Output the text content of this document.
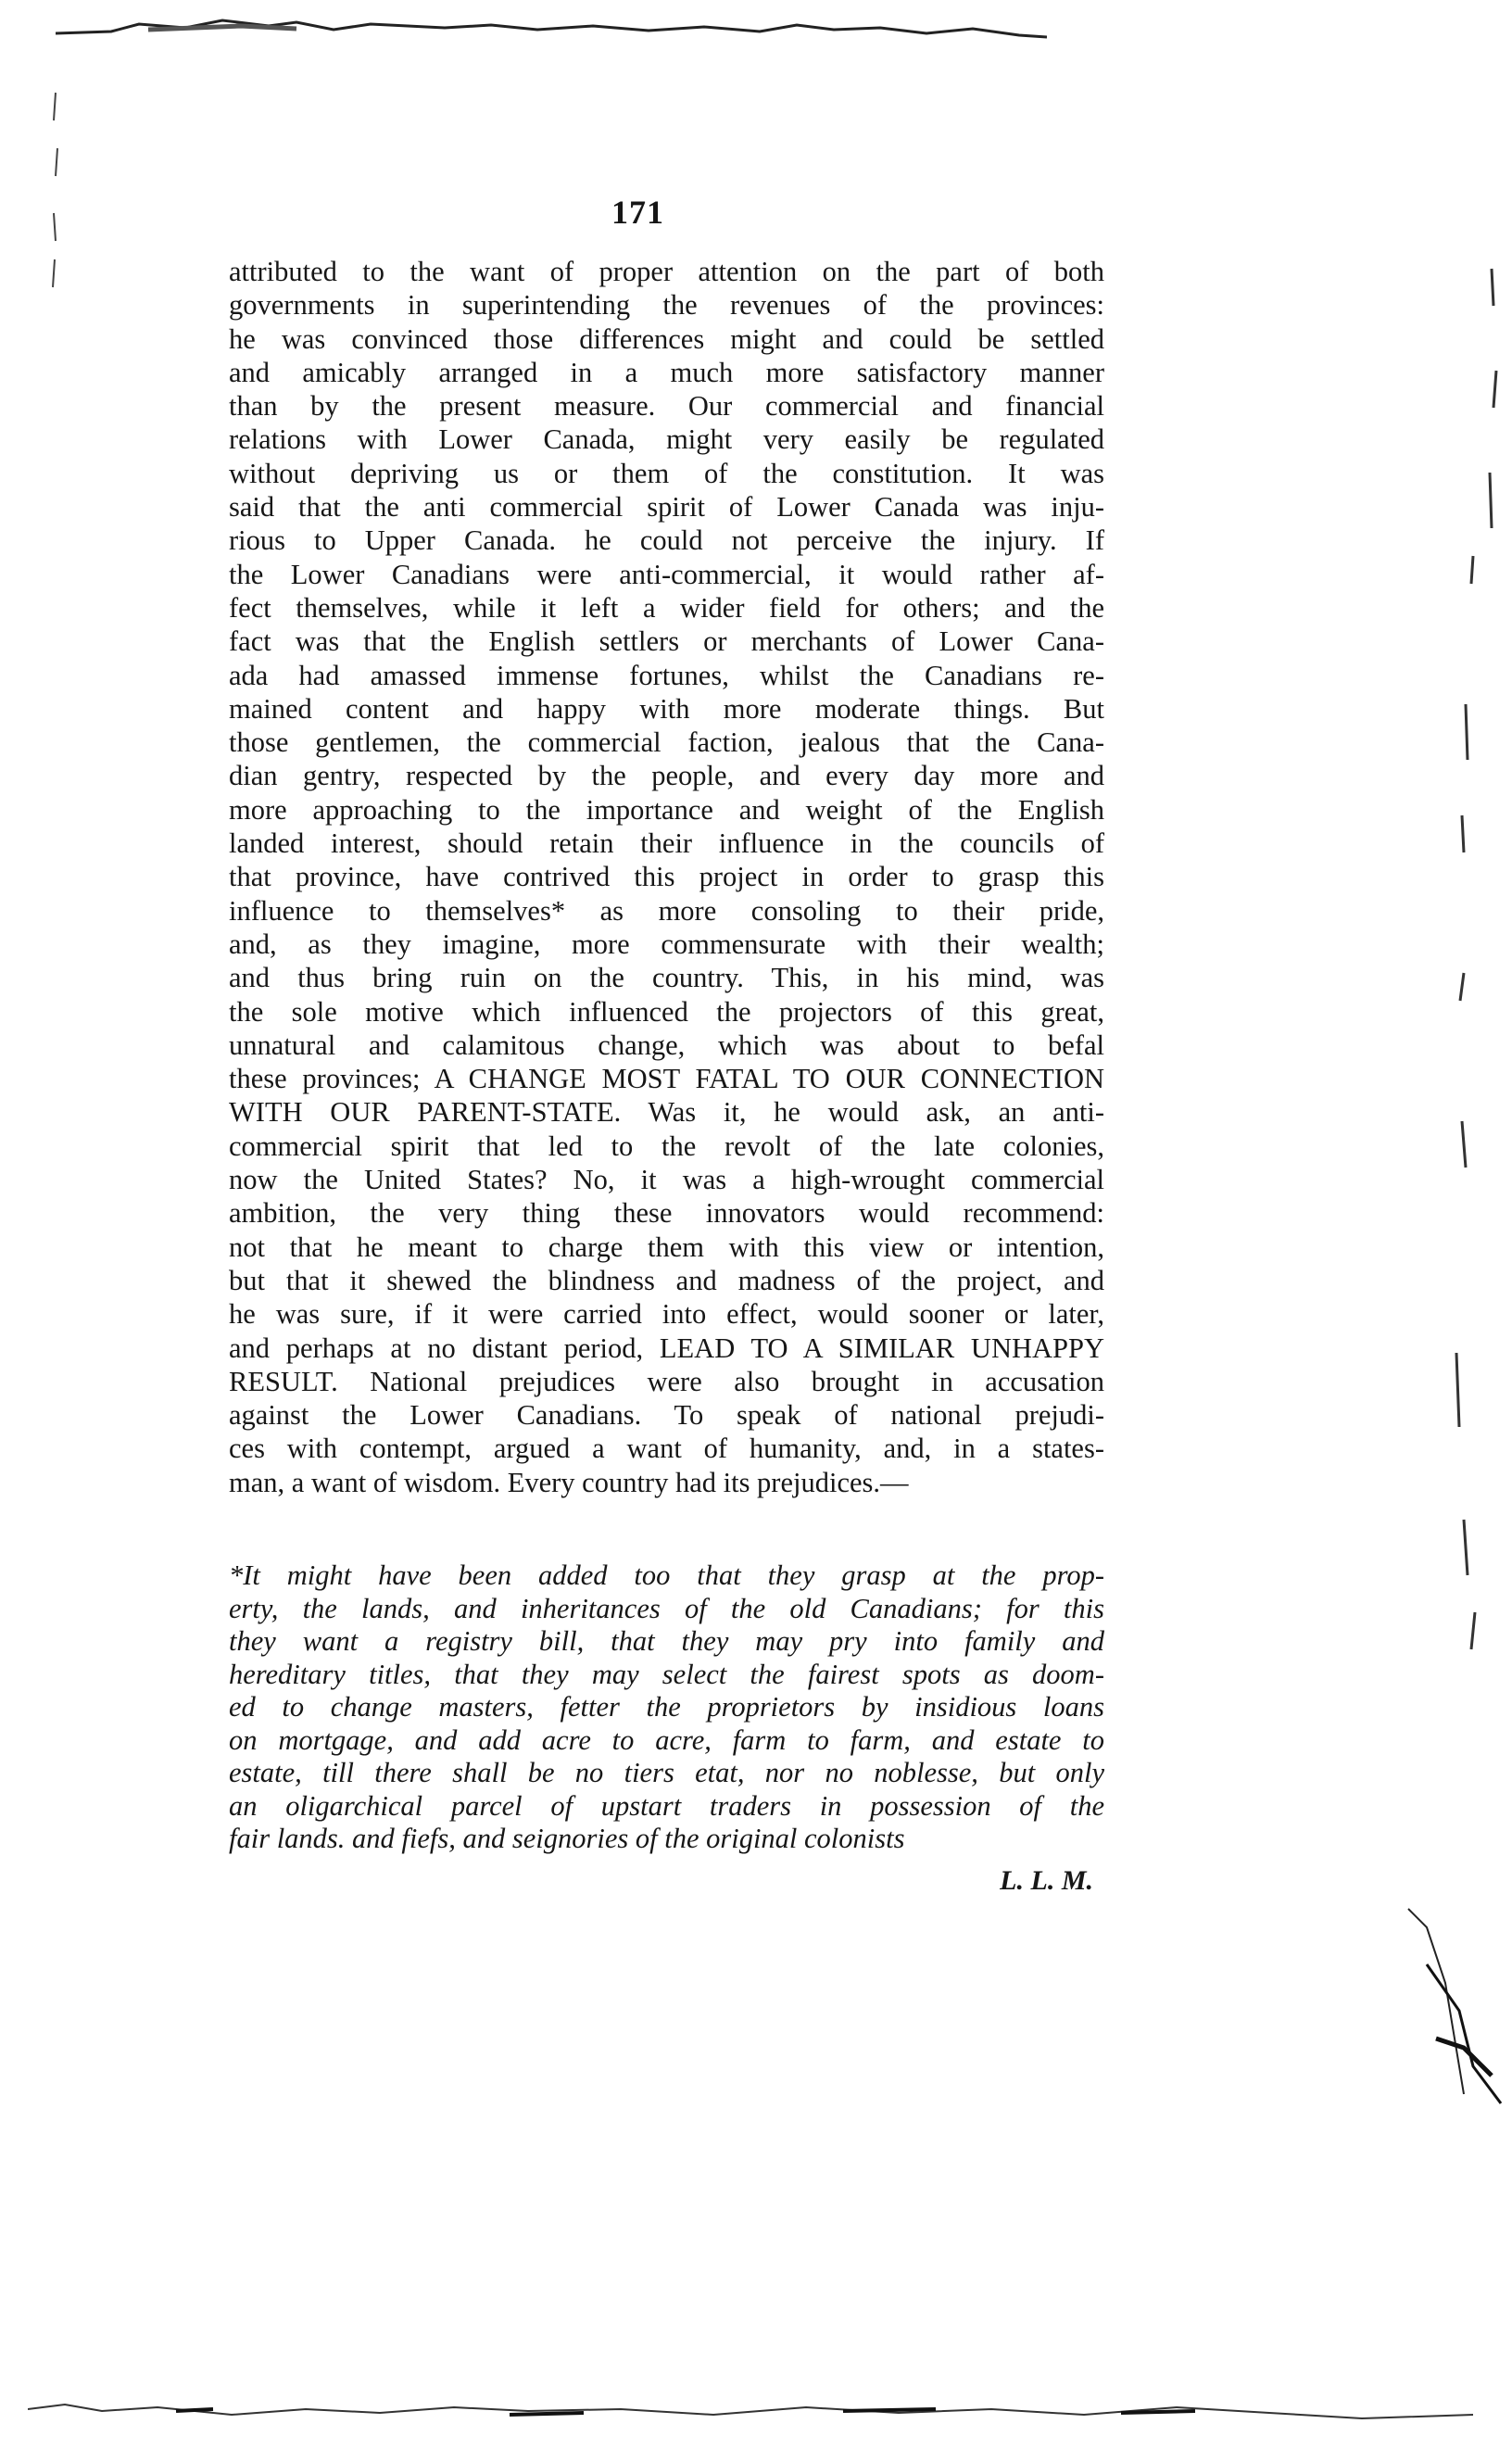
171
attributed to the want of proper attention on the part of both
governments in superintending the revenues of the provinces:
he was convinced those differences might and could be settled
and amicably arranged in a much more satisfactory manner
than by the present measure. Our commercial and financial
relations with Lower Canada, might very easily be regulated
without depriving us or them of the constitution. It was
said that the anti commercial spirit of Lower Canada was inju-
rious to Upper Canada. he could not perceive the injury. If
the Lower Canadians were anti-commercial, it would rather af-
fect themselves, while it left a wider field for others; and the
fact was that the English settlers or merchants of Lower Cana-
ada had amassed immense fortunes, whilst the Canadians re-
mained content and happy with more moderate things. But
those gentlemen, the commercial faction, jealous that the Cana-
dian gentry, respected by the people, and every day more and
more approaching to the importance and weight of the English
landed interest, should retain their influence in the councils of
that province, have contrived this project in order to grasp this
influence to themselves* as more consoling to their pride,
and, as they imagine, more commensurate with their wealth;
and thus bring ruin on the country. This, in his mind, was
the sole motive which influenced the projectors of this great,
unnatural and calamitous change, which was about to befal
these provinces; A CHANGE MOST FATAL TO OUR CONNECTION
WITH OUR PARENT-STATE. Was it, he would ask, an anti-
commercial spirit that led to the revolt of the late colonies,
now the United States? No, it was a high-wrought commercial
ambition, the very thing these innovators would recommend:
not that he meant to charge them with this view or intention,
but that it shewed the blindness and madness of the project, and
he was sure, if it were carried into effect, would sooner or later,
and perhaps at no distant period, LEAD TO A SIMILAR UNHAPPY
RESULT. National prejudices were also brought in accusation
against the Lower Canadians. To speak of national prejudi-
ces with contempt, argued a want of humanity, and, in a states-
man, a want of wisdom. Every country had its prejudices.—
*It might have been added too that they grasp at the prop-
erty, the lands, and inheritances of the old Canadians; for this
they want a registry bill, that they may pry into family and
hereditary titles, that they may select the fairest spots as doom-
ed to change masters, fetter the proprietors by insidious loans
on mortgage, and add acre to acre, farm to farm, and estate to
estate, till there shall be no tiers etat, nor no noblesse, but only
an oligarchical parcel of upstart traders in possession of the
fair lands. and fiefs, and seignories of the original colonists
L. L. M.
